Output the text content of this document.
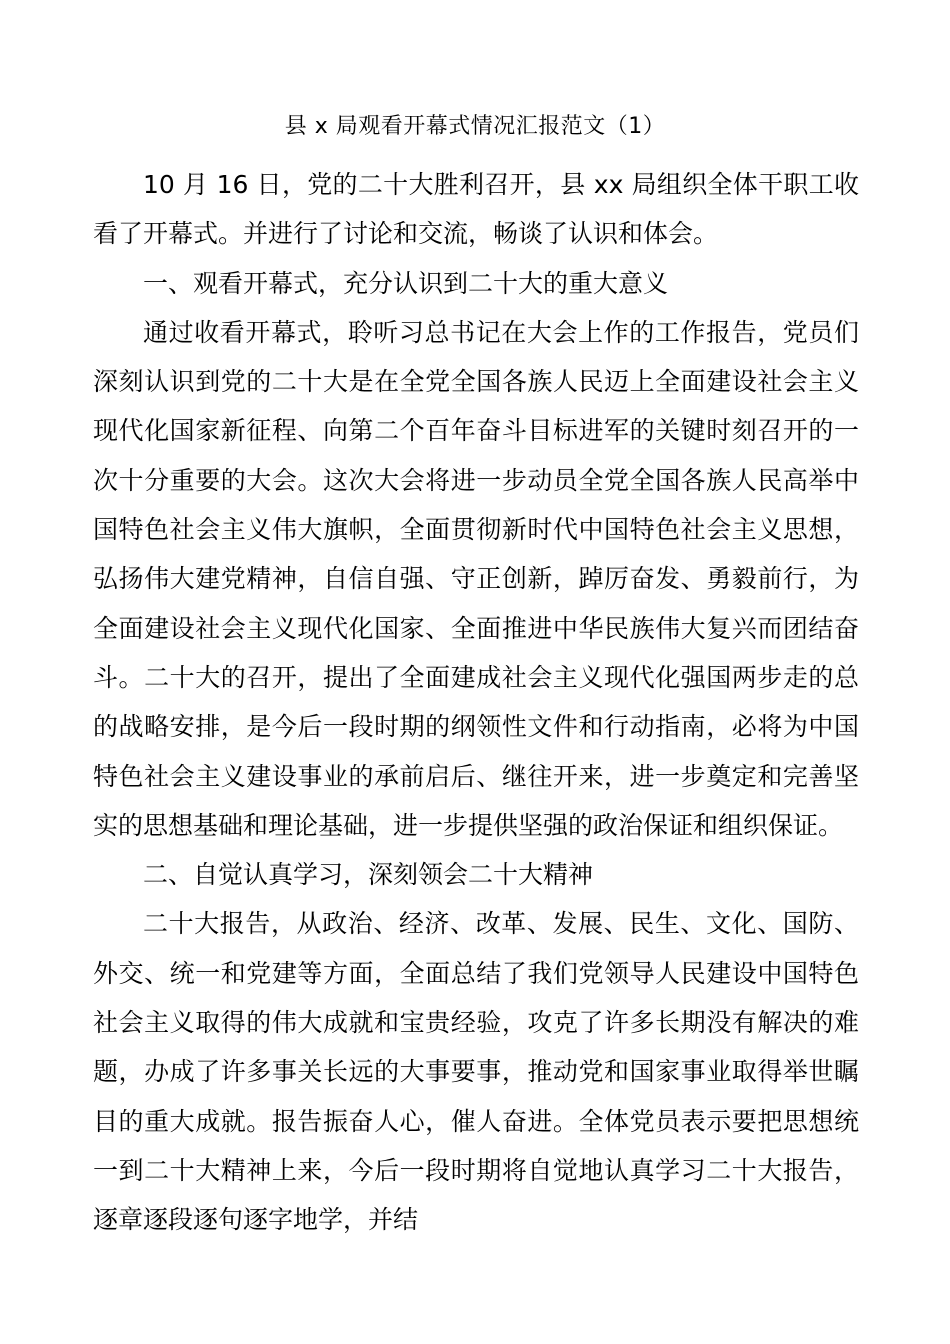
县 x 局观看开幕式情况汇报范文（1）

10 月 16 日，党的二十大胜利召开，县 xx 局组织全体干职工收看了开幕式。并进行了讨论和交流，畅谈了认识和体会。

一、观看开幕式，充分认识到二十大的重大意义

通过收看开幕式，聆听习总书记在大会上作的工作报告，党员们深刻认识到党的二十大是在全党全国各族人民迈上全面建设社会主义现代化国家新征程、向第二个百年奋斗目标进军的关键时刻召开的一次十分重要的大会。这次大会将进一步动员全党全国各族人民高举中国特色社会主义伟大旗帜，全面贯彻新时代中国特色社会主义思想，弘扬伟大建党精神，自信自强、守正创新，踔厉奋发、勇毅前行，为全面建设社会主义现代化国家、全面推进中华民族伟大复兴而团结奋斗。二十大的召开，提出了全面建成社会主义现代化强国两步走的总的战略安排，是今后一段时期的纲领性文件和行动指南，必将为中国特色社会主义建设事业的承前启后、继往开来，进一步奠定和完善坚实的思想基础和理论基础，进一步提供坚强的政治保证和组织保证。

二、自觉认真学习，深刻领会二十大精神

二十大报告，从政治、经济、改革、发展、民生、文化、国防、外交、统一和党建等方面，全面总结了我们党领导人民建设中国特色社会主义取得的伟大成就和宝贵经验，攻克了许多长期没有解决的难题，办成了许多事关长远的大事要事，推动党和国家事业取得举世瞩目的重大成就。报告振奋人心，催人奋进。全体党员表示要把思想统一到二十大精神上来，今后一段时期将自觉地认真学习二十大报告，逐章逐段逐句逐字地学，并结
